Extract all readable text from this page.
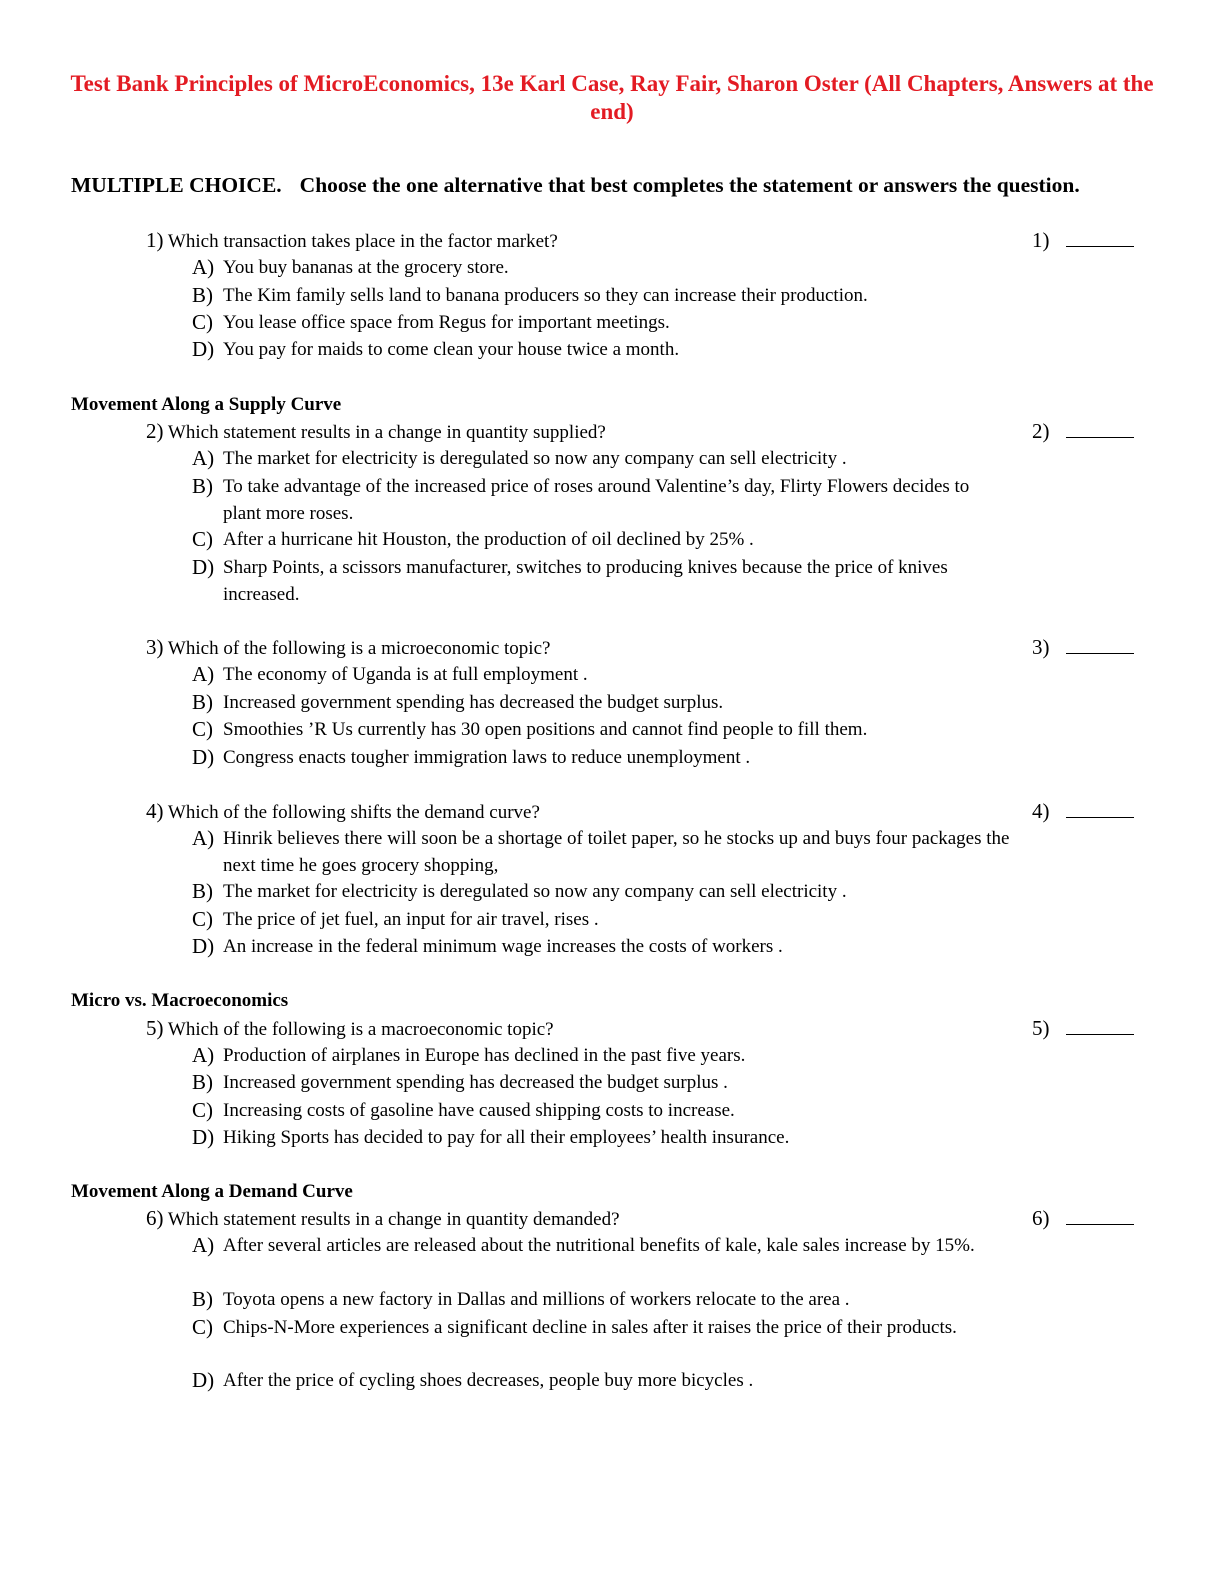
Test Bank Principles of MicroEconomics, 13e Karl Case, Ray Fair, Sharon Oster (All Chapters, Answers at the end)
MULTIPLE CHOICE. Choose the one alternative that best completes the statement or answers the question.
1) Which transaction takes place in the factor market?	1)
A) You buy bananas at the grocery store.
B) The Kim family sells land to banana producers so they can increase their production.
C) You lease office space from Regus for important meetings.
D) You pay for maids to come clean your house twice a month.
Movement Along a Supply Curve
2) Which statement results in a change in quantity supplied?	2)
A) The market for electricity is deregulated so now any company can sell electricity .
B) To take advantage of the increased price of roses around Valentine’s day, Flirty Flowers decides to plant more roses.
C) After a hurricane hit Houston, the production of oil declined by 25% .
D) Sharp Points, a scissors manufacturer, switches to producing knives because the price of knives increased.
3) Which of the following is a microeconomic topic?	3)
A) The economy of Uganda is at full employment .
B) Increased government spending has decreased the budget surplus.
C) Smoothies ’R Us currently has 30 open positions and cannot find people to fill them.
D) Congress enacts tougher immigration laws to reduce unemployment .
4) Which of the following shifts the demand curve?	4)
A) Hinrik believes there will soon be a shortage of toilet paper, so he stocks up and buys four packages the next time he goes grocery shopping,
B) The market for electricity is deregulated so now any company can sell electricity .
C) The price of jet fuel, an input for air travel, rises .
D) An increase in the federal minimum wage increases the costs of workers .
Micro vs. Macroeconomics
5) Which of the following is a macroeconomic topic?	5)
A) Production of airplanes in Europe has declined in the past five years.
B) Increased government spending has decreased the budget surplus .
C) Increasing costs of gasoline have caused shipping costs to increase.
D) Hiking Sports has decided to pay for all their employees’ health insurance.
Movement Along a Demand Curve
6) Which statement results in a change in quantity demanded?	6)
A) After several articles are released about the nutritional benefits of kale, kale sales increase by 15%.
B) Toyota opens a new factory in Dallas and millions of workers relocate to the area .
C) Chips-N-More experiences a significant decline in sales after it raises the price of their products.
D) After the price of cycling shoes decreases, people buy more bicycles .
